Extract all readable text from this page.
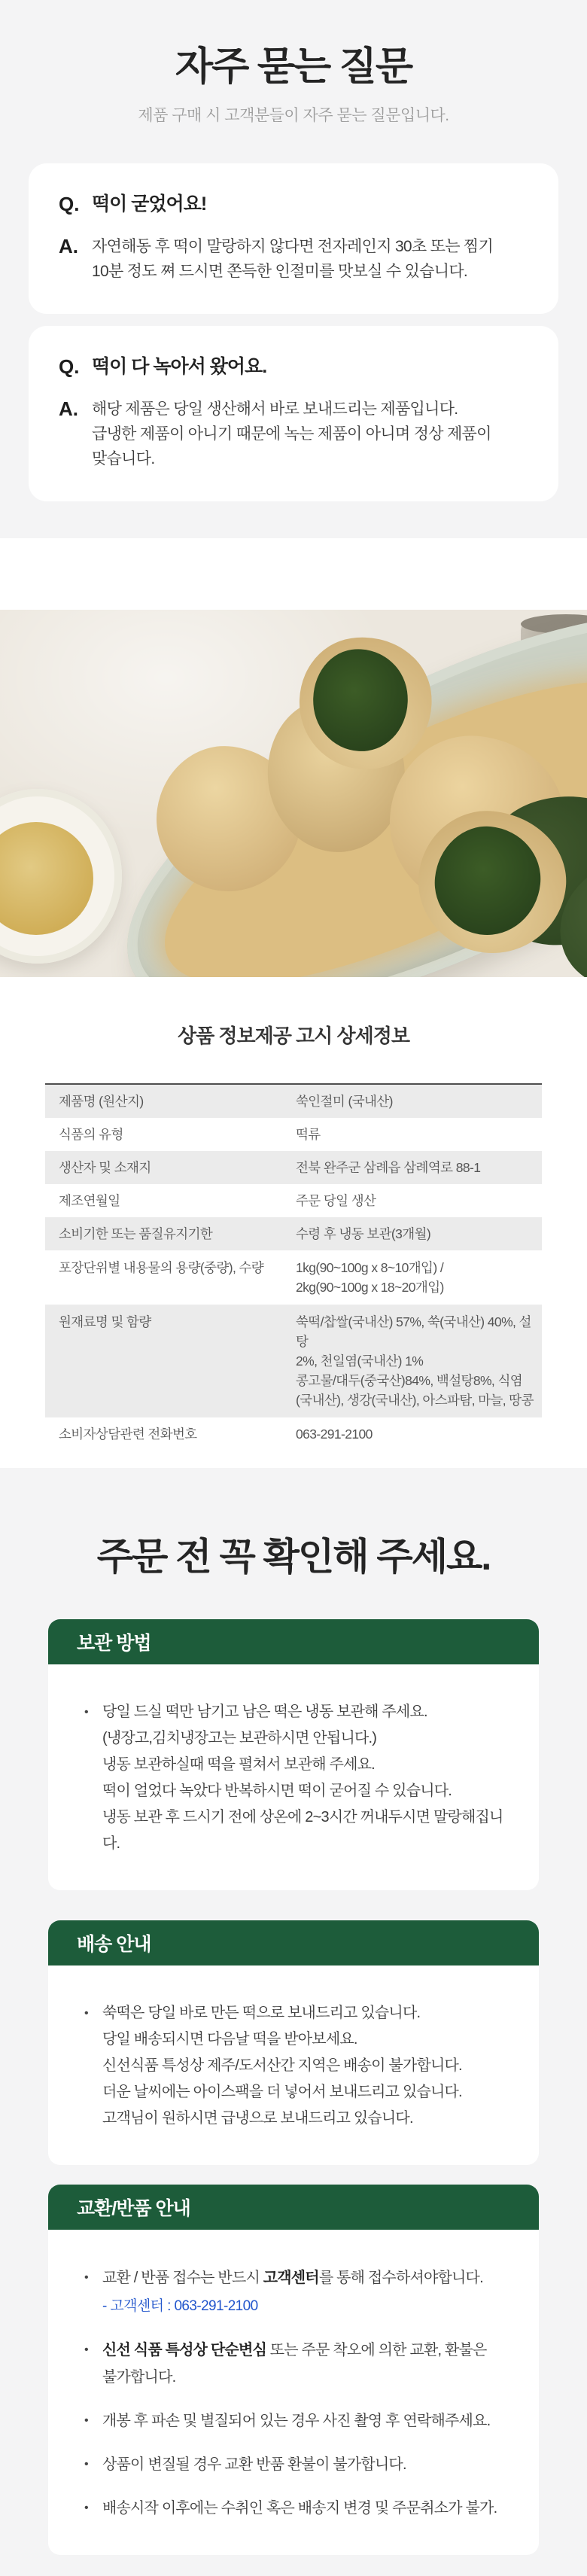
자주 묻는 질문
제품 구매 시 고객분들이 자주 묻는 질문입니다.
Q. 떡이 굳었어요!
A. 자연해동 후 떡이 말랑하지 않다면 전자레인지 30초 또는 찜기
10분 정도 쪄 드시면 쫀득한 인절미를 맛보실 수 있습니다.
Q. 떡이 다 녹아서 왔어요.
A. 해당 제품은 당일 생산해서 바로 보내드리는 제품입니다.
급냉한 제품이 아니기 때문에 녹는 제품이 아니며 정상 제품이
맞습니다.
상품 정보제공 고시 상세정보
제품명 (원산지)	쑥인절미 (국내산)
식품의 유형	떡류
생산자 및 소재지	전북 완주군 삼례읍 삼례역로 88-1
제조연월일	주문 당일 생산
소비기한 또는 품질유지기한	수령 후 냉동 보관(3개월)
포장단위별 내용물의 용량(중량), 수량	1kg(90~100g x 8~10개입) /
2kg(90~100g x 18~20개입)
원재료명 및 함량	쑥떡/찹쌀(국내산) 57%, 쑥(국내산) 40%, 설탕
2%, 천일염(국내산) 1%
콩고물/대두(중국산)84%, 백설탕8%, 식염
(국내산), 생강(국내산), 아스파탐, 마늘, 땅콩
소비자상담관련 전화번호	063-291-2100
주문 전 꼭 확인해 주세요.
보관 방법
• 당일 드실 떡만 남기고 남은 떡은 냉동 보관해 주세요.
(냉장고,김치냉장고는 보관하시면 안됩니다.)
냉동 보관하실때 떡을 펼쳐서 보관해 주세요.
떡이 얼었다 녹았다 반복하시면 떡이 굳어질 수 있습니다.
냉동 보관 후 드시기 전에 상온에 2~3시간 꺼내두시면 말랑해집니다.
배송 안내
• 쑥떡은 당일 바로 만든 떡으로 보내드리고 있습니다.
당일 배송되시면 다음날 떡을 받아보세요.
신선식품 특성상 제주/도서산간 지역은 배송이 불가합니다.
더운 날씨에는 아이스팩을 더 넣어서 보내드리고 있습니다.
고객님이 원하시면 급냉으로 보내드리고 있습니다.
교환/반품 안내
• 교환 / 반품 접수는 반드시 고객센터를 통해 접수하셔야합니다.
- 고객센터 : 063-291-2100
• 신선 식품 특성상 단순변심 또는 주문 착오에 의한 교환, 환불은
불가합니다.
• 개봉 후 파손 및 별질되어 있는 경우 사진 촬영 후 연락해주세요.
• 상품이 변질될 경우 교환 반품 환불이 불가합니다.
• 배송시작 이후에는 수취인 혹은 배송지 변경 및 주문취소가 불가.
